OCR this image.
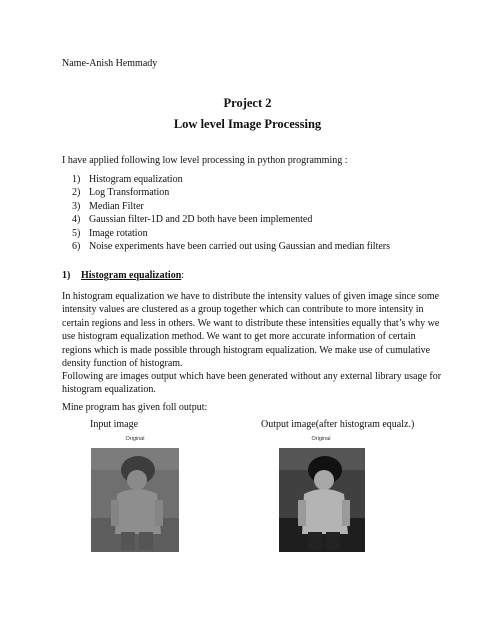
Name-Anish Hemmady

Project 2

Low level Image Processing

I have applied following low level processing in python programming :

1) Histogram equalization
2) Log Transformation
3) Median Filter
4) Gaussian filter-1D and 2D both have been implemented
5) Image rotation
6) Noise experiments have been carried out using Gaussian and median filters
1) Histogram equalization:

In histogram equalization we have to distribute the intensity values of given image since some intensity values are clustered as a group together which can contribute to more intensity in certain regions and less in others. We want to distribute these intensities equally that’s why we use histogram equalization method. We want to get more accurate information of certain regions which is made possible through histogram equalization. We make use of cumulative density function of histogram.

Following are images output which have been generated without any external library usage for histogram equalization.

Mine program has given foll output:

Input image	Output image(after histogram equalz.)

Original	Original
